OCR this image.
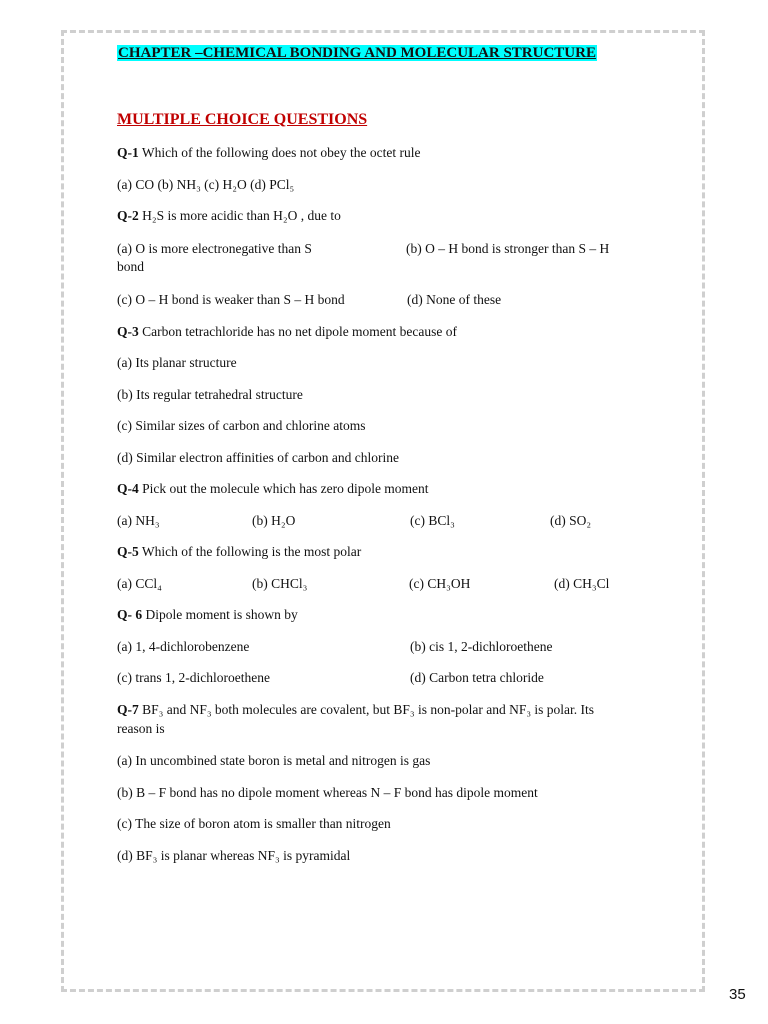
CHAPTER –CHEMICAL BONDING AND MOLECULAR STRUCTURE
MULTIPLE CHOICE QUESTIONS
Q-1 Which of the following does not obey the octet rule
(a) CO (b) NH₃ (c) H₂O (d) PCl₅
Q-2 H₂S is more acidic than H₂O , due to
(a) O is more electronegative than S	(b) O – H bond is stronger than S – H
bond
(c) O – H bond is weaker than S – H bond	(d) None of these
Q-3 Carbon tetrachloride has no net dipole moment because of
(a) Its planar structure
(b) Its regular tetrahedral structure
(c) Similar sizes of carbon and chlorine atoms
(d) Similar electron affinities of carbon and chlorine
Q-4 Pick out the molecule which has zero dipole moment
(a) NH₃	(b) H₂O	(c) BCl₃	(d) SO₂
Q-5 Which of the following is the most polar
(a) CCl₄	(b) CHCl₃	(c) CH₃OH	(d) CH₃Cl
Q- 6 Dipole moment is shown by
(a) 1, 4-dichlorobenzene	(b) cis 1, 2-dichloroethene
(c) trans 1, 2-dichloroethene	(d) Carbon tetra chloride
Q-7 BF₃ and NF₃ both molecules are covalent, but BF₃ is non-polar and NF₃ is polar. Its
reason is
(a) In uncombined state boron is metal and nitrogen is gas
(b) B – F bond has no dipole moment whereas N – F bond has dipole moment
(c) The size of boron atom is smaller than nitrogen
(d) BF₃ is planar whereas NF₃ is pyramidal
35
